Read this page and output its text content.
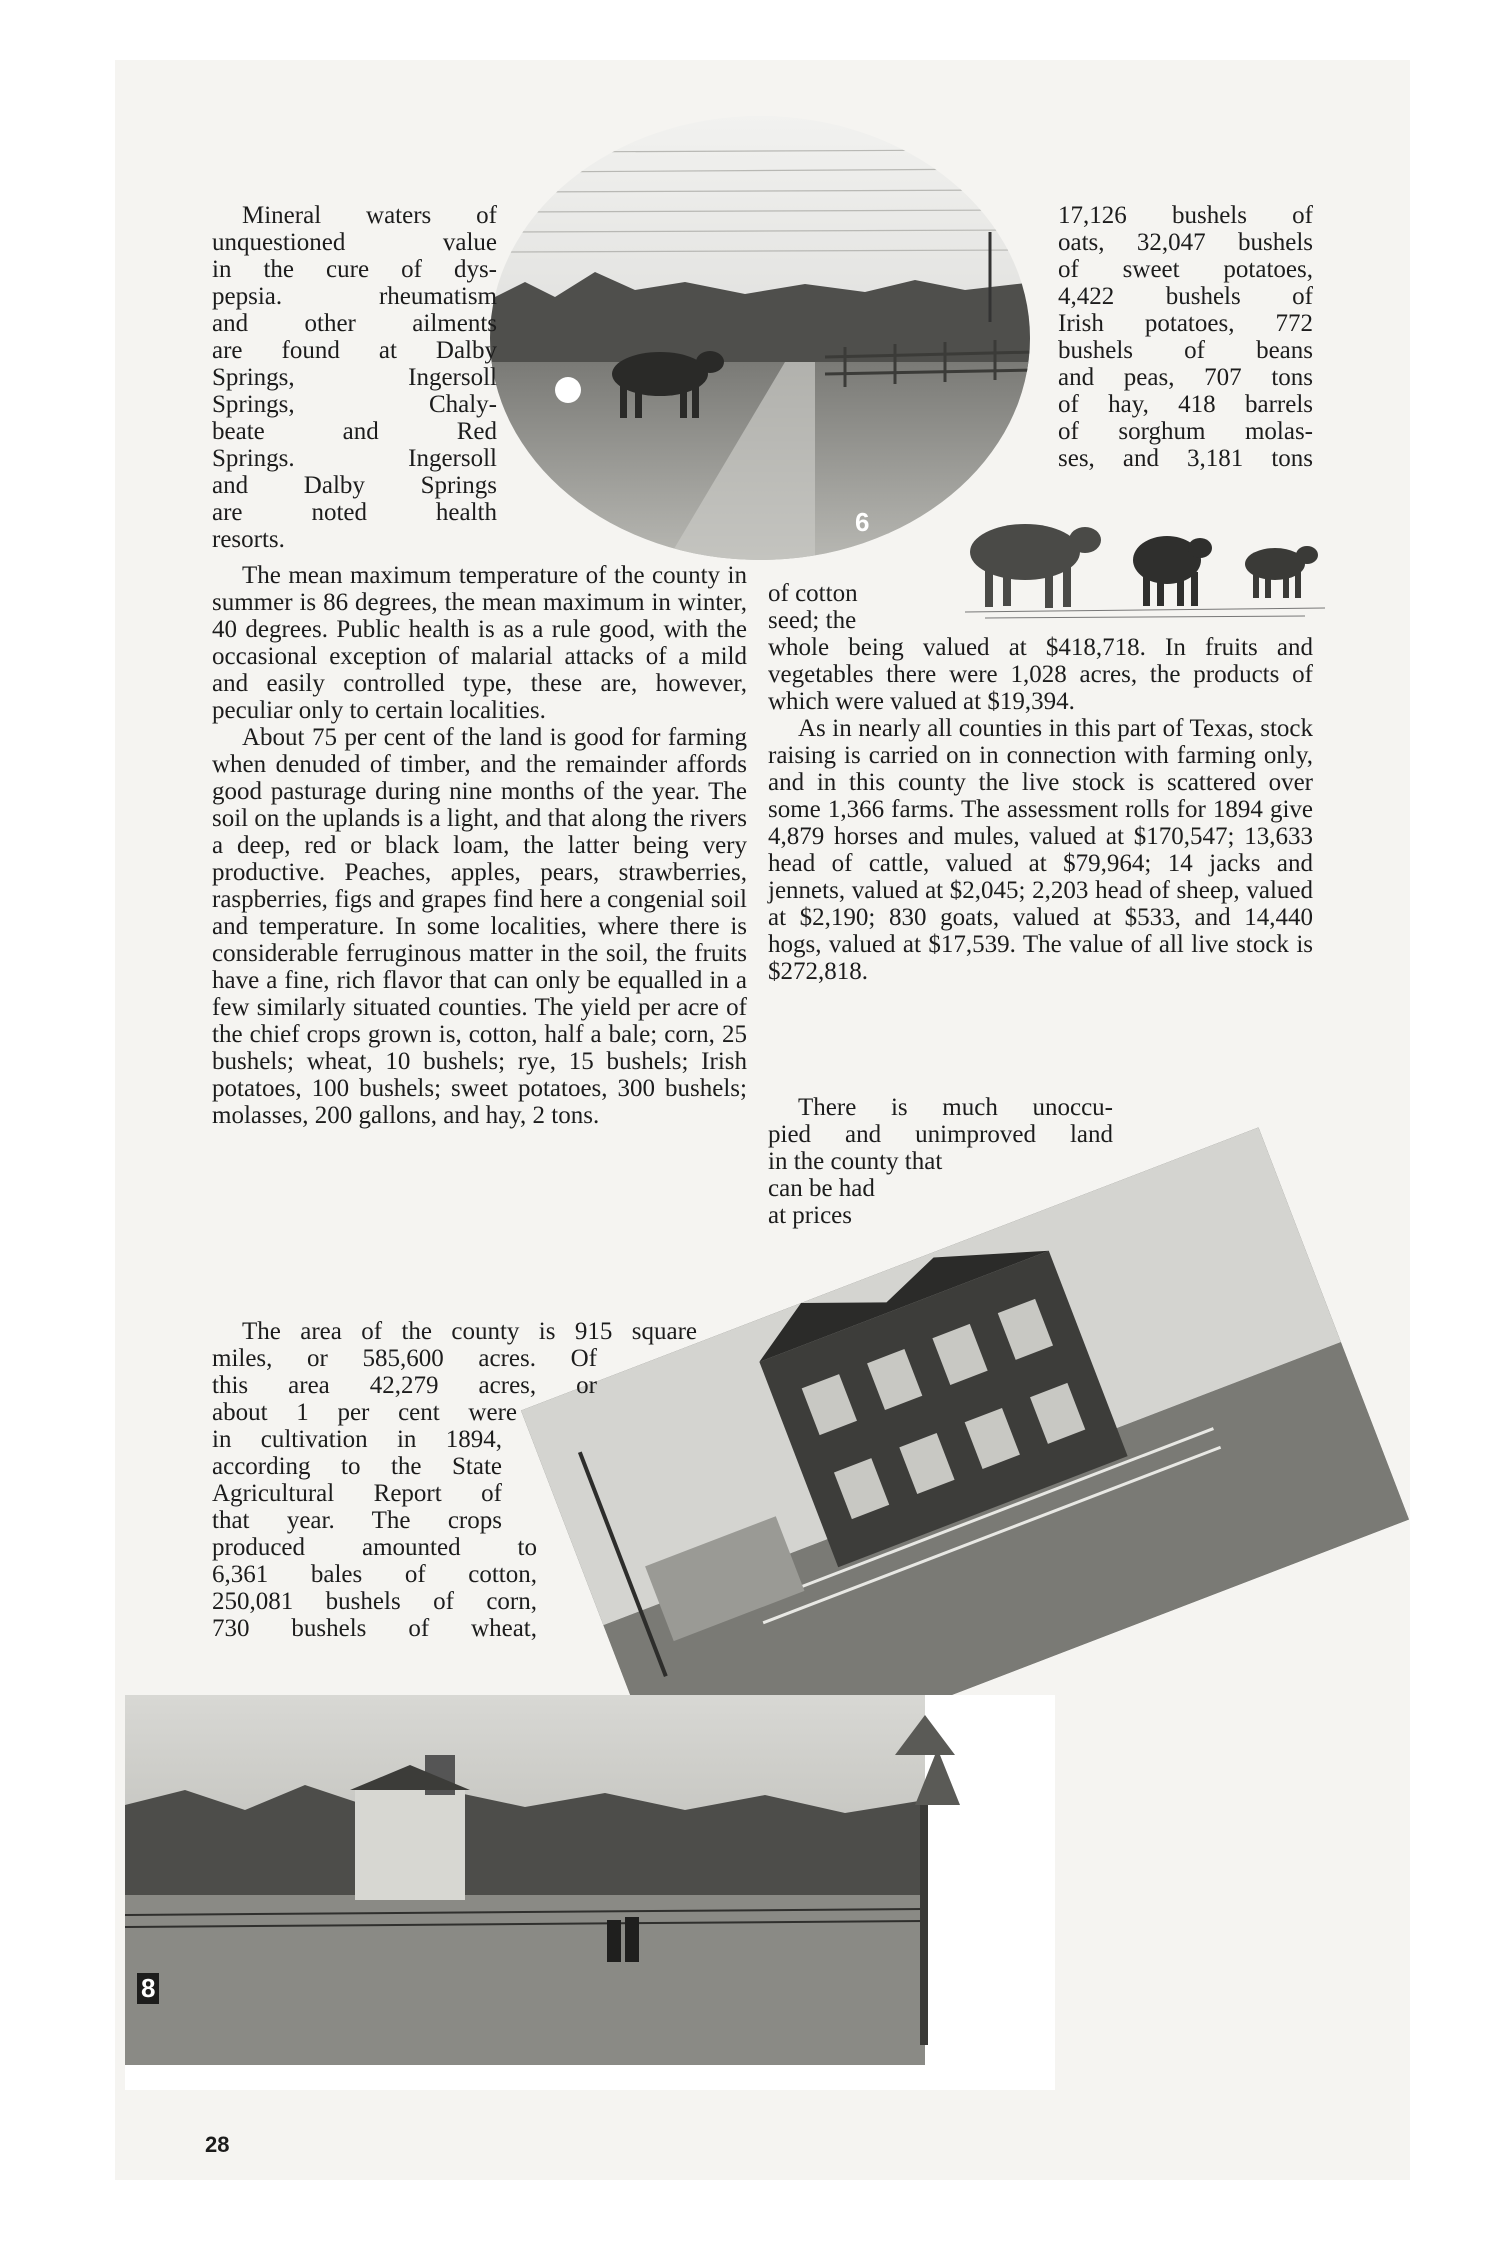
6
8
Mineral waters of
unquestioned value
in the cure of dys-
pepsia. rheumatism
and other ailments
are found at Dalby
Springs, Ingersoll
Springs, Chaly-
beate and Red
Springs. Ingersoll
and Dalby Springs
are noted health
resorts.

The mean maximum temperature of the county in summer is 86 degrees, the mean maximum in winter, 40 degrees. Public health is as a rule good, with the occasional exception of malarial attacks of a mild and easily controlled type, these are, however, peculiar only to certain localities.

About 75 per cent of the land is good for farming when denuded of timber, and the remainder affords good pasturage during nine months of the year. The soil on the uplands is a light, and that along the rivers a deep, red or black loam, the latter being very productive. Peaches, apples, pears, strawberries, raspberries, figs and grapes find here a congenial soil and temperature. In some localities, where there is considerable ferruginous matter in the soil, the fruits have a fine, rich flavor that can only be equalled in a few similarly situated counties. The yield per acre of the chief crops grown is, cotton, half a bale; corn, 25 bushels; wheat, 10 bushels; rye, 15 bushels; Irish potatoes, 100 bushels; sweet potatoes, 300 bushels; molasses, 200 gallons, and hay, 2 tons.

The area of the county is 915 square
miles, or 585,600 acres. Of
this area 42,279 acres, or
about 1 per cent were
in cultivation in 1894,
according to the State
Agricultural Report of
that year. The crops
produced amounted to
6,361 bales of cotton,
250,081 bushels of corn,
730 bushels of wheat,
17,126 bushels of
oats, 32,047 bushels
of sweet potatoes,
4,422 bushels of
Irish potatoes, 772
bushels of beans
and peas, 707 tons
of hay, 418 barrels
of sorghum molas-
ses, and 3,181 tons
of cotton
seed; the

whole being valued at $418,718. In fruits and vegetables there were 1,028 acres, the products of which were valued at $19,394.

As in nearly all counties in this part of Texas, stock raising is carried on in connection with farming only, and in this county the live stock is scattered over some 1,366 farms. The assessment rolls for 1894 give 4,879 horses and mules, valued at $170,547; 13,633 head of cattle, valued at $79,964; 14 jacks and jennets, valued at $2,045; 2,203 head of sheep, valued at $2,190; 830 goats, valued at $533, and 14,440 hogs, valued at $17,539. The value of all live stock is $272,818.

There is much unoccu-
pied and unimproved land
in the county that
can be had
at prices
28
